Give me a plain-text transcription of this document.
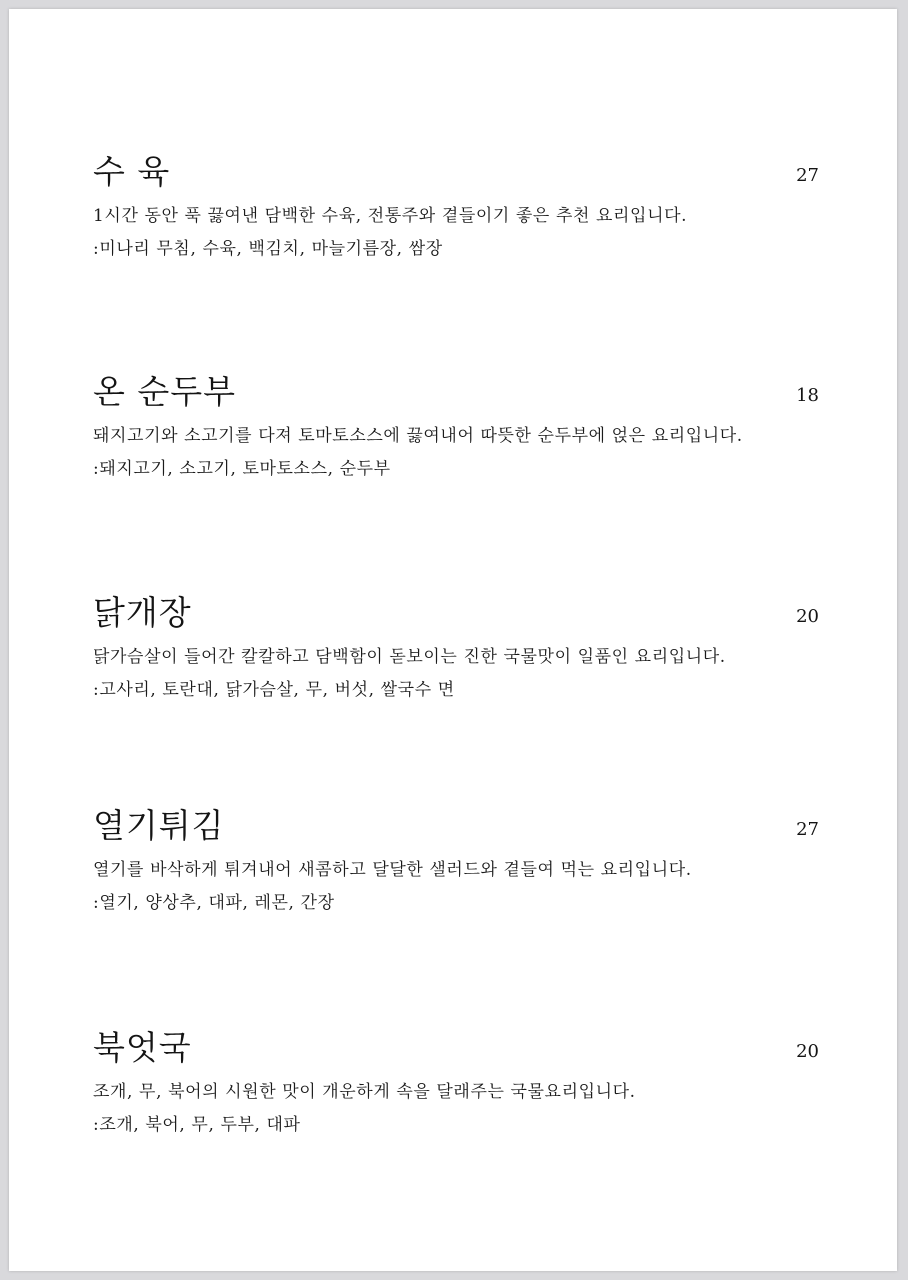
수 육	27
1시간 동안 푹 끓여낸 담백한 수육, 전통주와 곁들이기 좋은 추천 요리입니다.
:미나리 무침, 수육, 백김치, 마늘기름장, 쌈장
온 순두부	18
돼지고기와 소고기를 다져 토마토소스에 끓여내어 따뜻한 순두부에 얹은 요리입니다.
:돼지고기, 소고기, 토마토소스, 순두부
닭개장	20
닭가슴살이 들어간 칼칼하고 담백함이 돋보이는 진한 국물맛이 일품인 요리입니다.
:고사리, 토란대, 닭가슴살, 무, 버섯, 쌀국수 면
열기튀김	27
열기를 바삭하게 튀겨내어 새콤하고 달달한 샐러드와 곁들여 먹는 요리입니다.
:열기, 양상추, 대파, 레몬, 간장
북엇국	20
조개, 무, 북어의 시원한 맛이 개운하게 속을 달래주는 국물요리입니다.
:조개, 북어, 무, 두부, 대파
